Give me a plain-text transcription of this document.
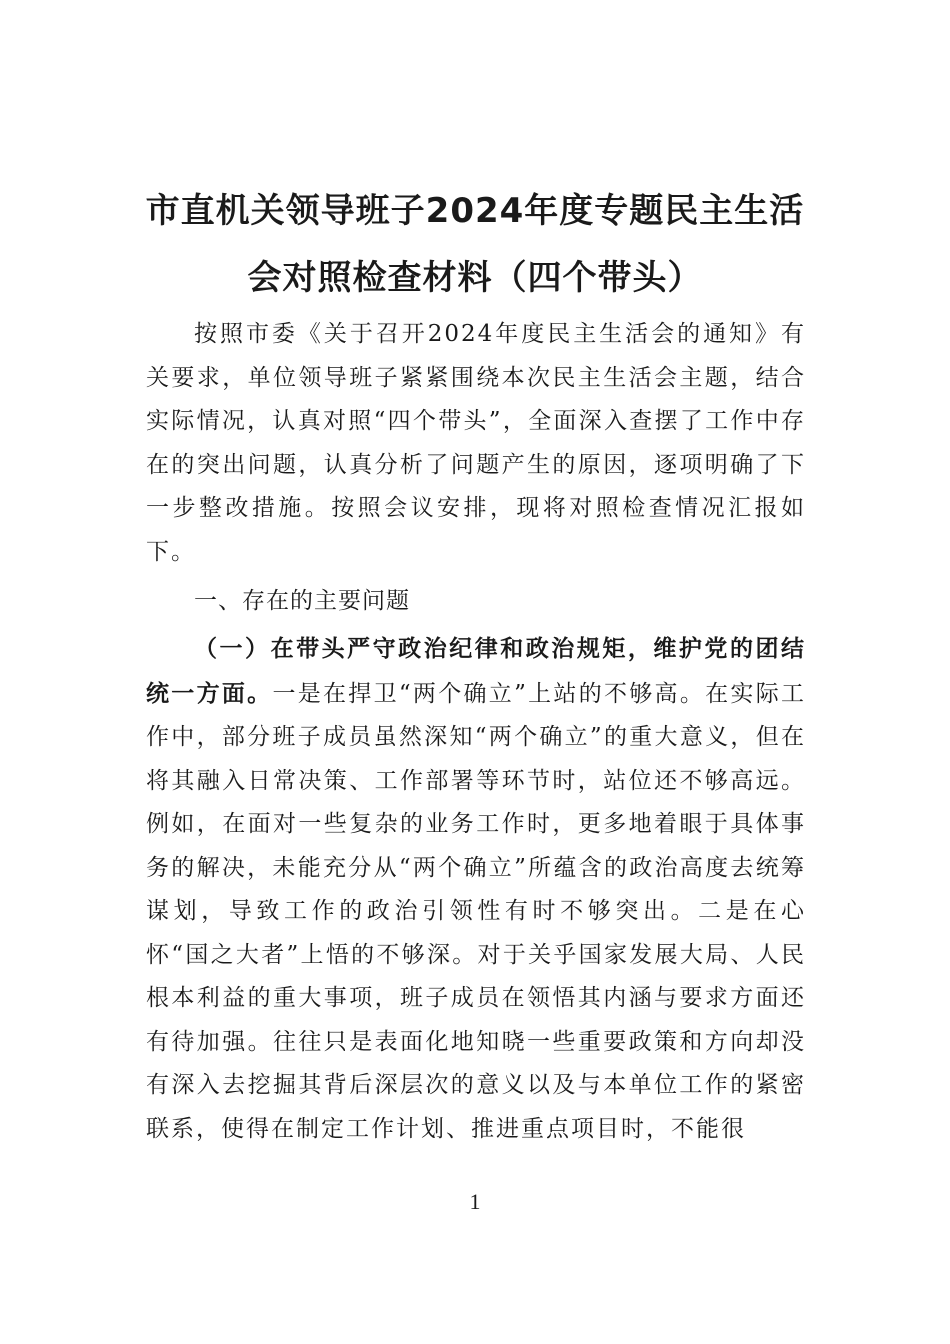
市直机关领导班子2024年度专题民主生活
会对照检查材料（四个带头）

按照市委《关于召开2024年度民主生活会的通知》有关要求，单位领导班子紧紧围绕本次民主生活会主题，结合实际情况，认真对照“四个带头”，全面深入查摆了工作中存在的突出问题，认真分析了问题产生的原因，逐项明确了下一步整改措施。按照会议安排，现将对照检查情况汇报如下。

一、存在的主要问题

（一）在带头严守政治纪律和政治规矩，维护党的团结统一方面。一是在捍卫“两个确立”上站的不够高。在实际工作中，部分班子成员虽然深知“两个确立”的重大意义，但在将其融入日常决策、工作部署等环节时，站位还不够高远。例如，在面对一些复杂的业务工作时，更多地着眼于具体事务的解决，未能充分从“两个确立”所蕴含的政治高度去统筹谋划，导致工作的政治引领性有时不够突出。二是在心怀“国之大者”上悟的不够深。对于关乎国家发展大局、人民根本利益的重大事项，班子成员在领悟其内涵与要求方面还有待加强。往往只是表面化地知晓一些重要政策和方向却没有深入去挖掘其背后深层次的意义以及与本单位工作的紧密联系，使得在制定工作计划、推进重点项目时，不能很

1
